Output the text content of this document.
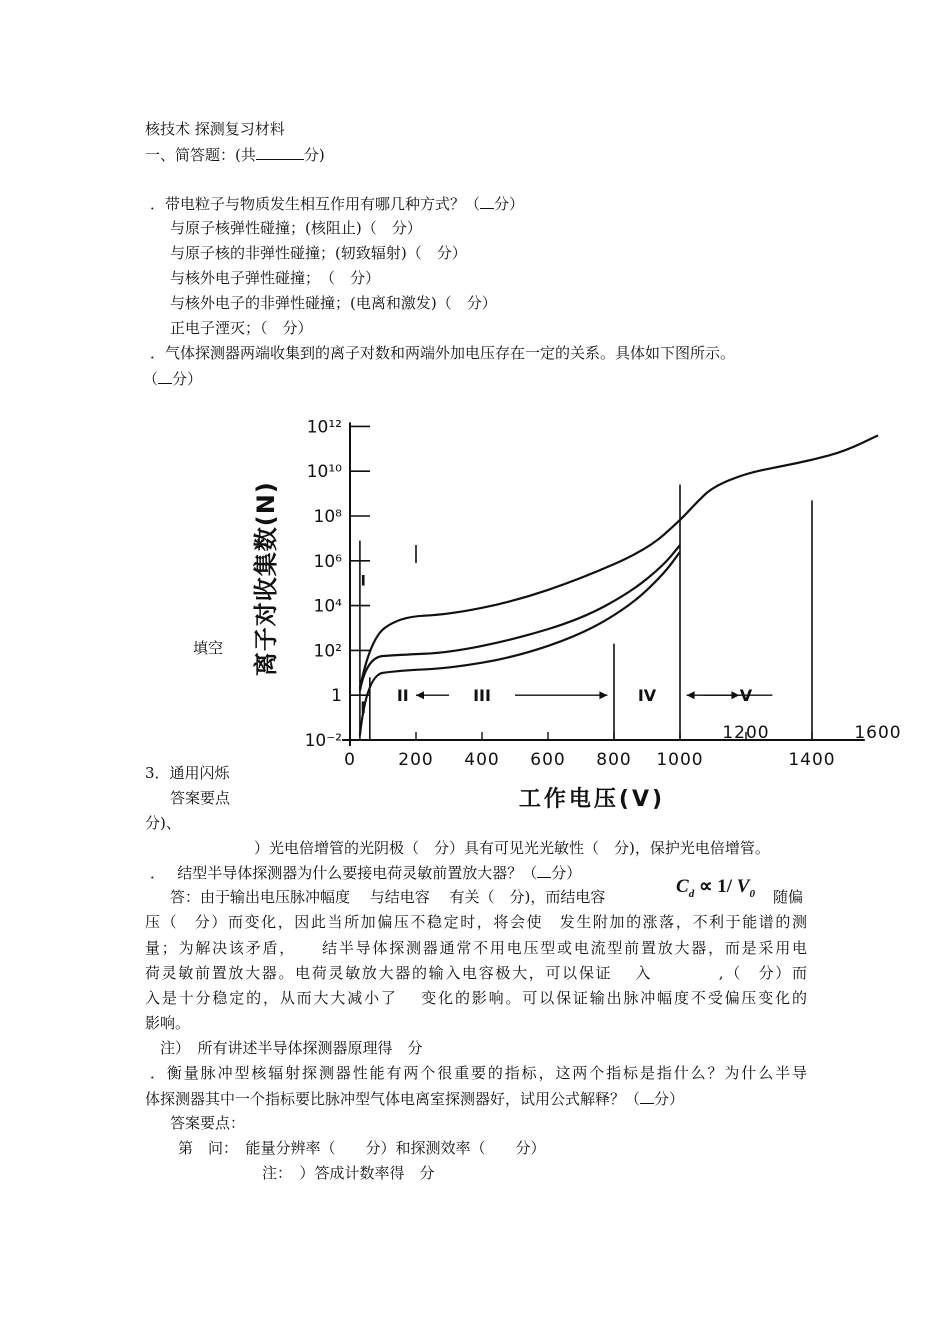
核技术 探测复习材料
一、简答题：(共	分)
．带电粒子与物质发生相互作用有哪几种方式？（ 分）
与原子核弹性碰撞；(核阻止)（　分）
与原子核的非弹性碰撞；(轫致辐射)（　分）
与核外电子弹性碰撞；　（　分）
与核外电子的非弹性碰撞；(电离和激发)（　分）
正电子湮灭；（　分）
．气体探测器两端收集到的离子对数和两端外加电压存在一定的关系。具体如下图所示。
（ 分）
填空
3．通用闪烁
答案要点
分)、
）光电倍增管的光阴极（　分）具有可见光光敏性（　分)，保护光电倍增管。
10⁻²
1
10²
10⁴
10⁶
10⁸
10¹⁰
10¹²
0 200 400 600 800 1000
1200
1400
1600
I
II	III	IV	V
I
工作电压(V)
离子对收集数(N)
．　 结型半导体探测器为什么要接电荷灵敏前置放大器？（ 分）
答：由于输出电压脉冲幅度　 与结电容　 有关（　分)，而结电容	$C_d \propto 1/$ $V_0$ 随偏
压（　分）而变化，因此当所加偏压不稳定时，将会使　发生附加的涨落，不利于能谱的测
量；为解决该矛盾，　　结半导体探测器通常不用电压型或电流型前置放大器，而是采用电
荷灵敏前置放大器。电荷灵敏放大器的输入电容极大，可以保证　 入　　　　,（　分）而
入是十分稳定的，从而大大减小了　 变化的影响。可以保证输出脉冲幅度不受偏压变化的
影响。
注）　所有讲述半导体探测器原理得　分
．衡量脉冲型核辐射探测器性能有两个很重要的指标，这两个指标是指什么？为什么半导
体探测器其中一个指标要比脉冲型气体电离室探测器好，试用公式解释？（ 分）
答案要点：
第　问：　能量分辨率（　　分）和探测效率（　　分）
注：　）答成计数率得　分
